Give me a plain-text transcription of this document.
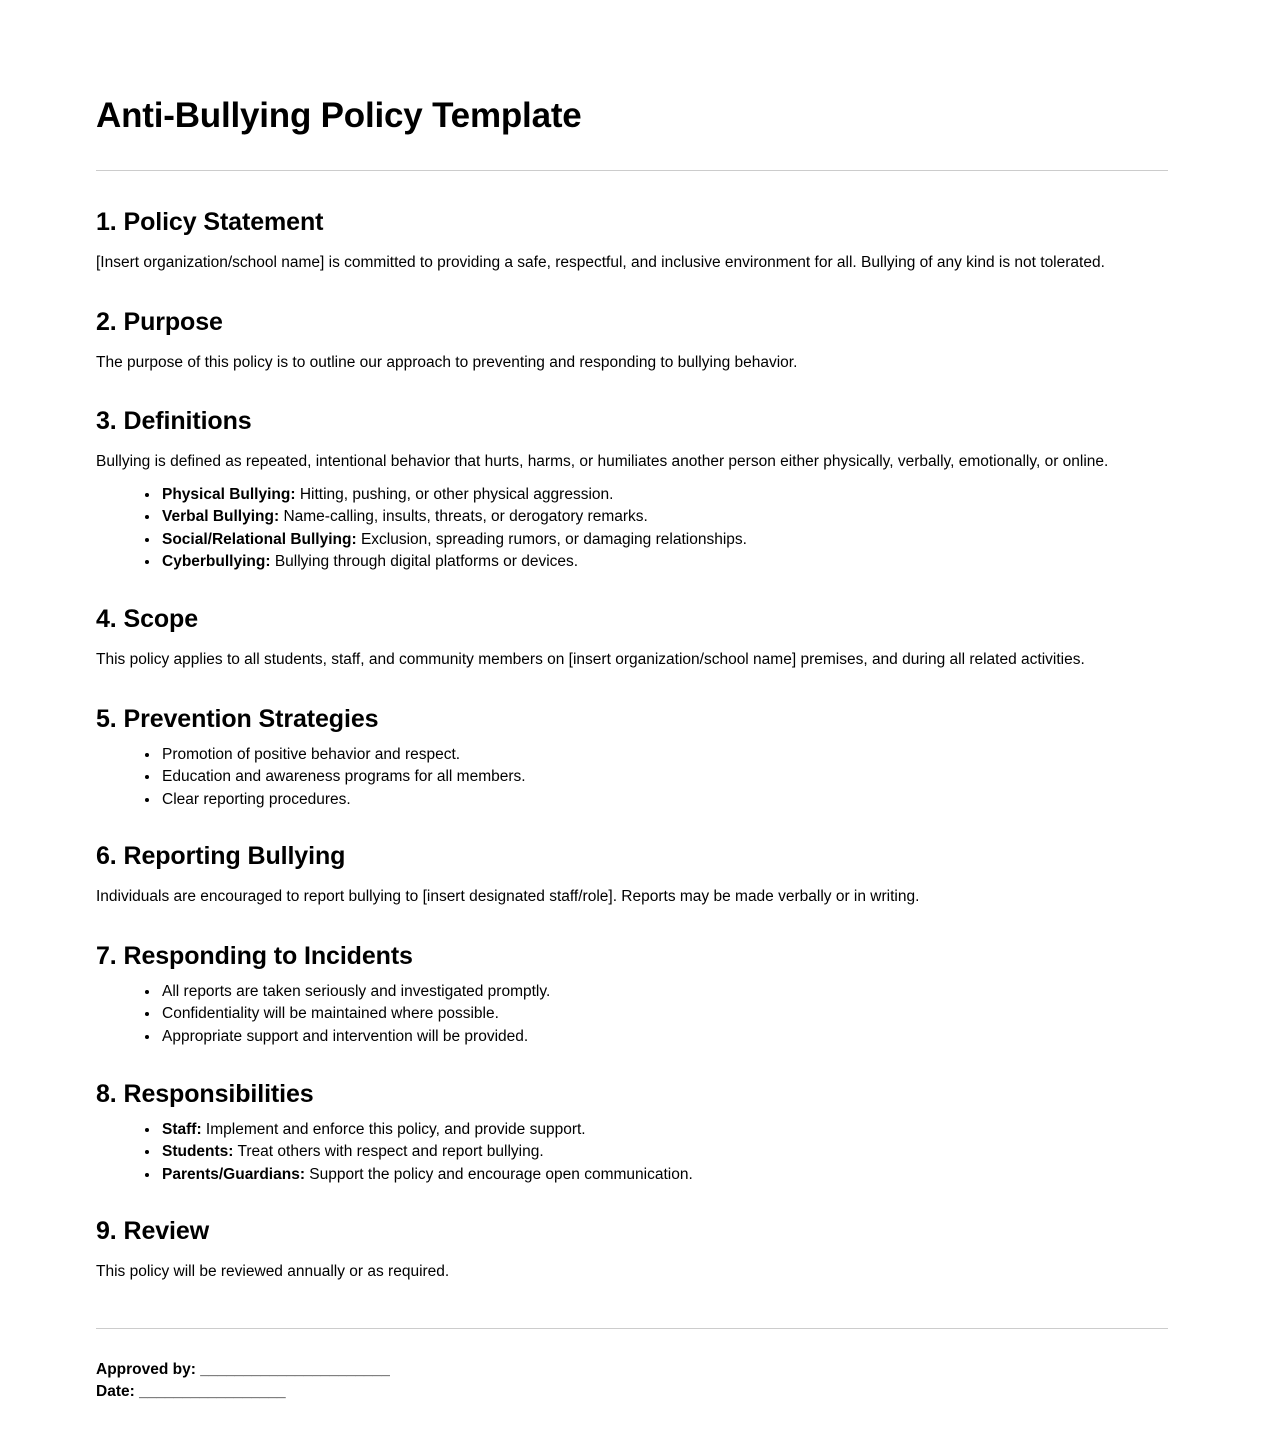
Anti-Bullying Policy Template
1. Policy Statement

[Insert organization/school name] is committed to providing a safe, respectful, and inclusive environment for all. Bullying of any kind is not tolerated.

2. Purpose

The purpose of this policy is to outline our approach to preventing and responding to bullying behavior.

3. Definitions

Bullying is defined as repeated, intentional behavior that hurts, harms, or humiliates another person either physically, verbally, emotionally, or online.

• Physical Bullying: Hitting, pushing, or other physical aggression.
• Verbal Bullying: Name-calling, insults, threats, or derogatory remarks.
• Social/Relational Bullying: Exclusion, spreading rumors, or damaging relationships.
• Cyberbullying: Bullying through digital platforms or devices.
4. Scope

This policy applies to all students, staff, and community members on [insert organization/school name] premises, and during all related activities.

5. Prevention Strategies
• Promotion of positive behavior and respect.
• Education and awareness programs for all members.
• Clear reporting procedures.
6. Reporting Bullying

Individuals are encouraged to report bullying to [insert designated staff/role]. Reports may be made verbally or in writing.

7. Responding to Incidents
• All reports are taken seriously and investigated promptly.
• Confidentiality will be maintained where possible.
• Appropriate support and intervention will be provided.
8. Responsibilities
• Staff: Implement and enforce this policy, and provide support.
• Students: Treat others with respect and report bullying.
• Parents/Guardians: Support the policy and encourage open communication.
9. Review

This policy will be reviewed annually or as required.

Approved by: ______________________

Date: _________________
